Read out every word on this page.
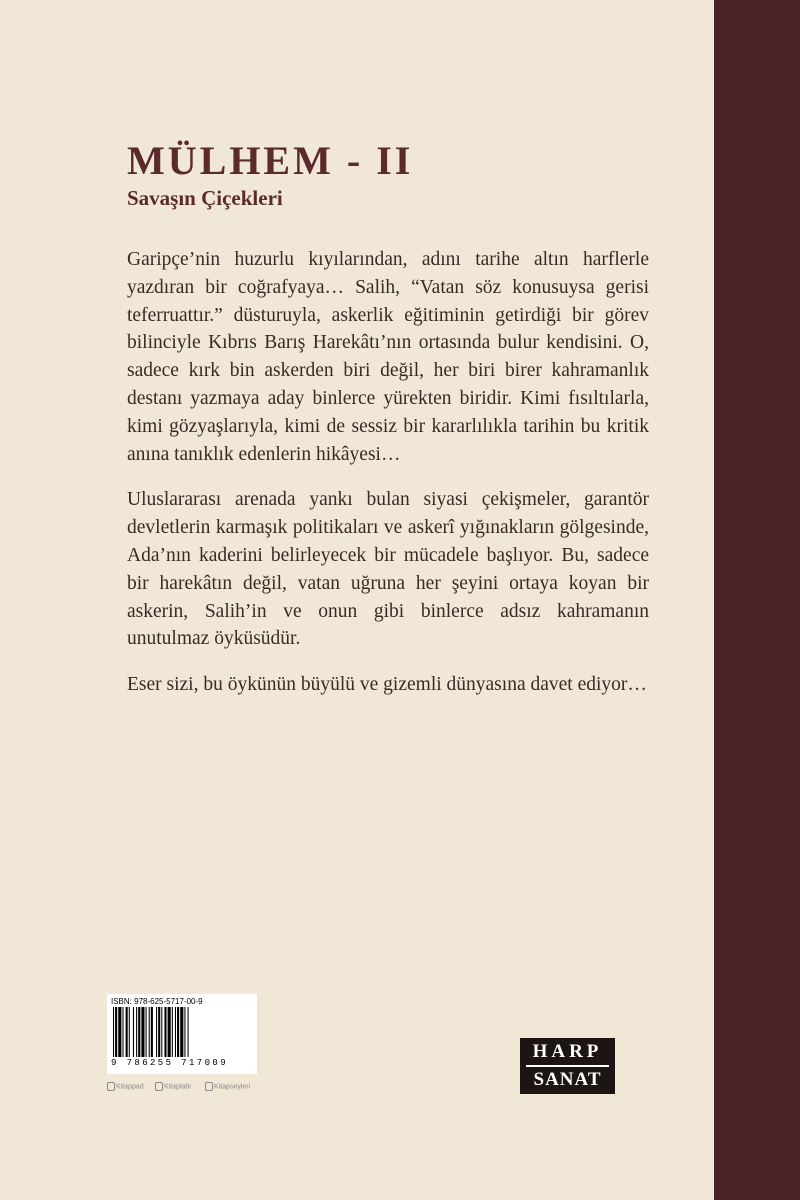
MÜLHEM - II
Savaşın Çiçekleri

Garipçe’nin huzurlu kıyılarından, adını tarihe altın harflerle yazdıran bir coğrafyaya… Salih, “Vatan söz konusuysa gerisi teferruattır.” düsturuyla, askerlik eğitiminin getirdiği bir görev bilinciyle Kıbrıs Barış Harekâtı’nın ortasında bulur kendisini. O, sadece kırk bin askerden biri değil, her biri birer kahramanlık destanı yazmaya aday binlerce yürekten biridir. Kimi fısıltılarla, kimi gözyaşlarıyla, kimi de sessiz bir kararlılıkla tarihin bu kritik anına tanıklık edenlerin hikâyesi…

Uluslararası arenada yankı bulan siyasi çekişmeler, garantör devletlerin karmaşık politikaları ve askerî yığınakların gölgesinde, Ada’nın kaderini belirleyecek bir mücadele başlıyor. Bu, sadece bir harekâtın değil, vatan uğruna her şeyini ortaya koyan bir askerin, Salih’in ve onun gibi binlerce adsız kahramanın unutulmaz öyküsüdür.

Eser sizi, bu öykünün büyülü ve gizemli dünyasına davet ediyor…

ISBN: 978-625-5717-00-9
9 786255 717009
Kitappad	Kitaplabi	Kitapseyleri
HARP
SANAT
